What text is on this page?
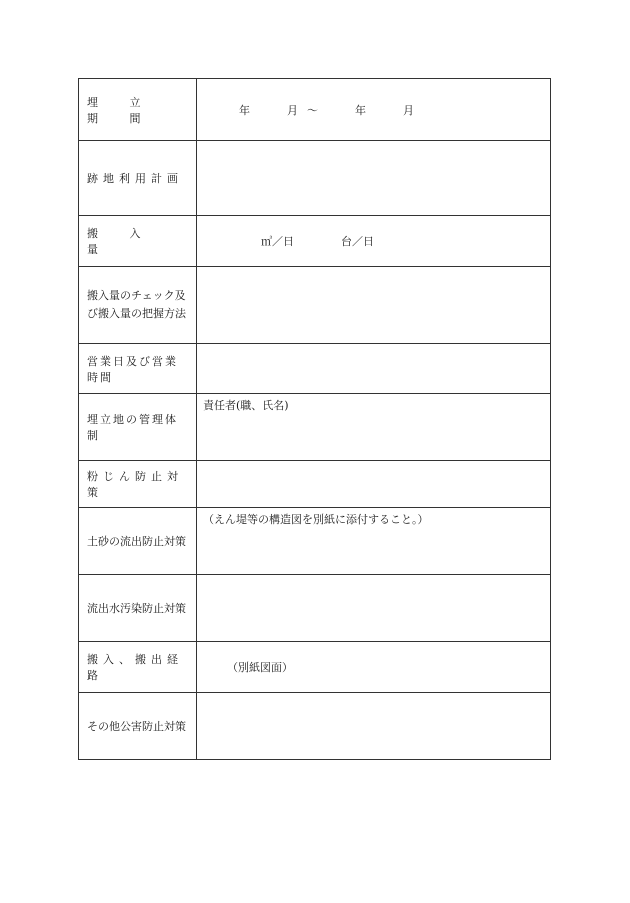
埋 立 期 間	年 月 ～ 年 月

跡地利用計画	

搬 入 量	㎥／日 台／日

搬入量のチェック及び搬入量の把握方法	

営業日及び営業時間	

埋立地の管理体制	責任者(職、氏名)

粉じん防止対策	

土砂の流出防止対策	（えん堤等の構造図を別紙に添付すること。）

流出水汚染防止対策	

搬入、搬出経路	（別紙図面）

その他公害防止対策	
